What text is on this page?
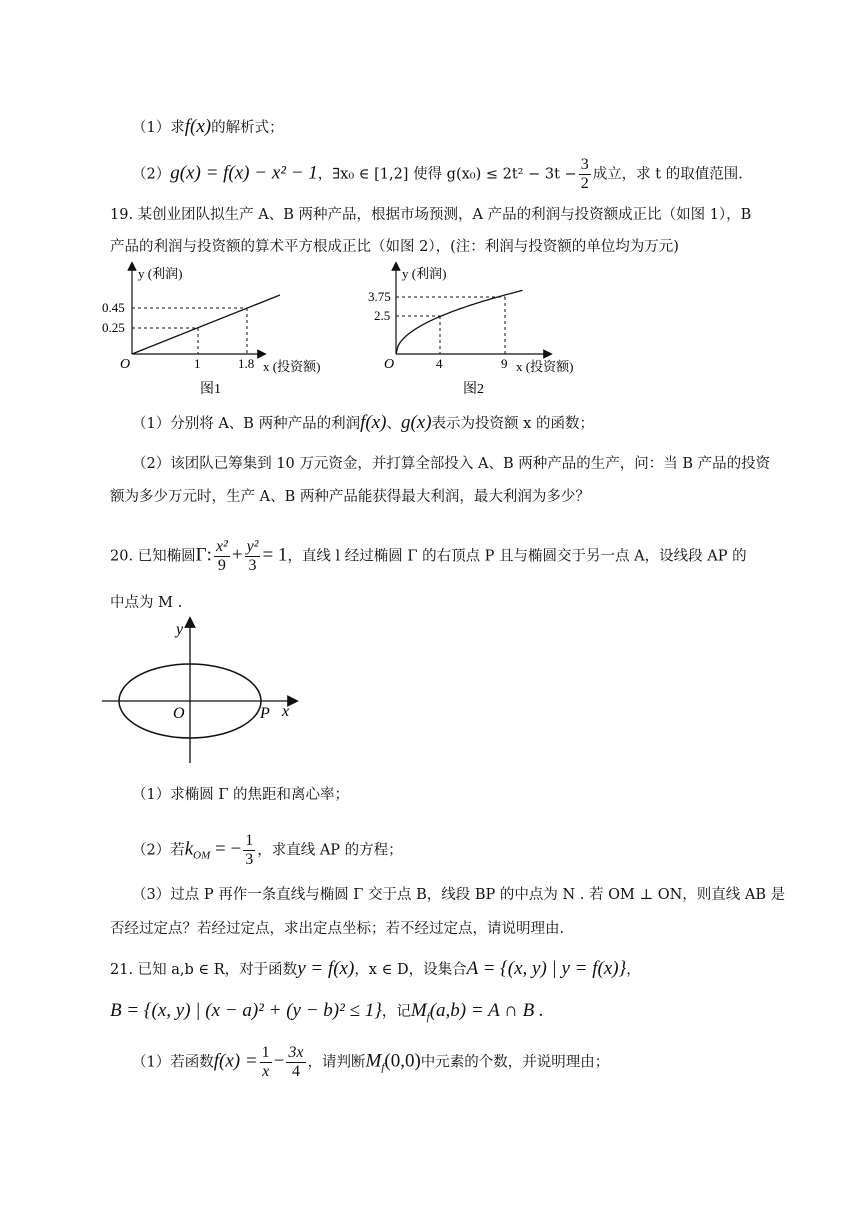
（1）求f(x)的解析式；
（2）g(x) = f(x) − x² − 1，∃x₀ ∈ [1,2] 使得 $g(x_0) \le 2t^2 - 3t - \frac{3}{2}$ 成立，求 t 的取值范围.
19. 某创业团队拟生产 A、B 两种产品，根据市场预测，A 产品的利润与投资额成正比（如图 1），B
产品的利润与投资额的算术平方根成正比（如图 2），(注：利润与投资额的单位均为万元)
y (利润)
0.45
0.25
O	1	1.8 x (投资额)
图1
y (利润)
3.75
2.5
O	4	9 x (投资额)
图2
（1）分别将 A、B 两种产品的利润f(x)、g(x)表示为投资额 x 的函数；
（2）该团队已筹集到 10 万元资金，并打算全部投入 A、B 两种产品的生产，问：当 B 产品的投资
额为多少万元时，生产 A、B 两种产品能获得最大利润，最大利润为多少？
20. 已知椭圆Γ: $\frac{\text{x²}}{9} + \frac{\text{y²}}{3} = 1$，直线 l 经过椭圆 Γ 的右顶点 P 且与椭圆交于另一点 A，设线段 AP 的
中点为 M .
y
O	P x
（1）求椭圆 Γ 的焦距和离心率；
（2）若$k_{OM}$ = − $\frac{1}{3}$ ，求直线 AP 的方程；
（3）过点 P 再作一条直线与椭圆 Γ 交于点 B，线段 BP 的中点为 N . 若 OM ⊥ ON，则直线 AB 是
否经过定点？若经过定点，求出定点坐标；若不经过定点，请说明理由.
21. 已知 a,b ∈ R，对于函数y = f(x)，x ∈ D，设集合A = {(x, y) | y = f(x)}，
B = {(x, y) | (x − a)² + (y − b)² ≤ 1}，记$M_f(a,b) = A$ ∩ B .
（1）若函数$f(x) = \frac{1}{x} - \frac{3x}{4}$ ，请判断$M_f(0,0)$中元素的个数，并说明理由；
